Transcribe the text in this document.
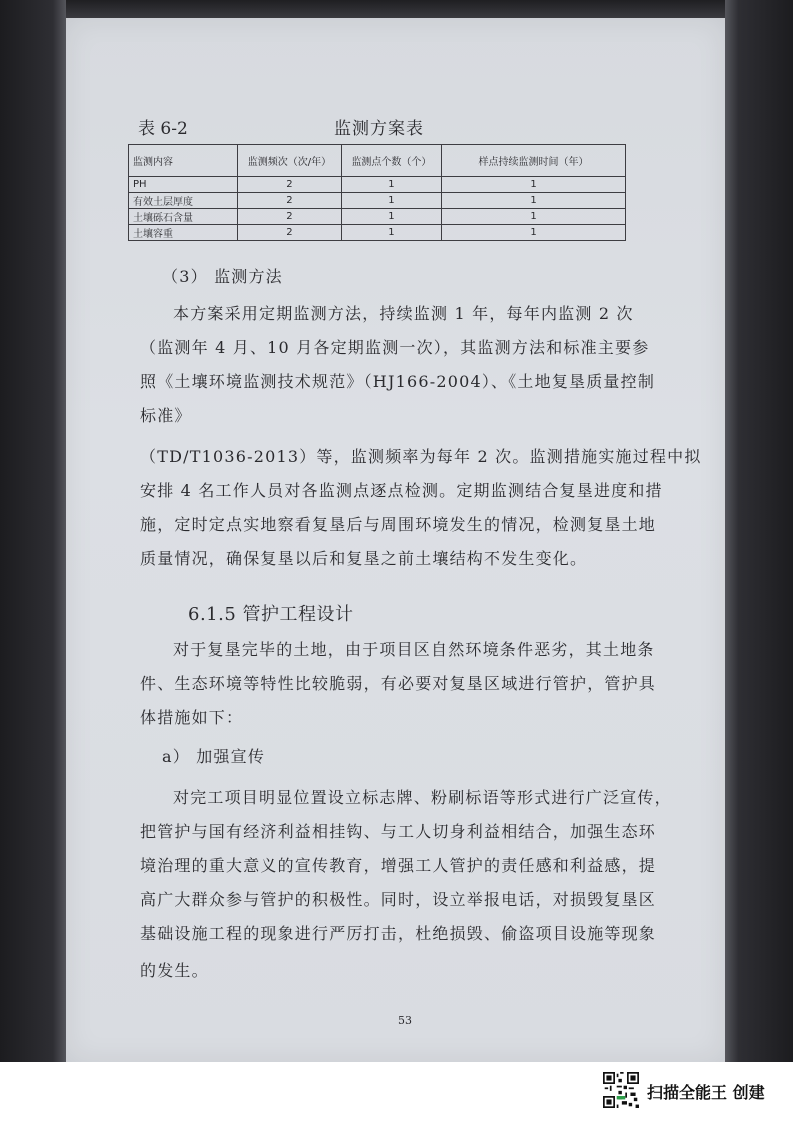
表 6-2	监测方案表
监测内容	监测频次（次/年）	监测点个数（个）	样点持续监测时间（年）
PH	2	1	1
有效土层厚度	2	1	1
土壤砾石含量	2	1	1
土壤容重	2	1	1
（3） 监测方法
本方案采用定期监测方法，持续监测 1 年，每年内监测 2 次
（监测年 4 月、10 月各定期监测一次），其监测方法和标准主要参
照《土壤环境监测技术规范》（HJ166-2004）、《土地复垦质量控制
标准》
（TD/T1036-2013）等，监测频率为每年 2 次。监测措施实施过程中拟
安排 4 名工作人员对各监测点逐点检测。定期监测结合复垦进度和措
施，定时定点实地察看复垦后与周围环境发生的情况，检测复垦土地
质量情况，确保复垦以后和复垦之前土壤结构不发生变化。
6.1.5 管护工程设计
对于复垦完毕的土地，由于项目区自然环境条件恶劣，其土地条
件、生态环境等特性比较脆弱，有必要对复垦区域进行管护，管护具
体措施如下：
a） 加强宣传
对完工项目明显位置设立标志牌、粉刷标语等形式进行广泛宣传，
把管护与国有经济利益相挂钩、与工人切身利益相结合，加强生态环
境治理的重大意义的宣传教育，增强工人管护的责任感和利益感，提
高广大群众参与管护的积极性。同时，设立举报电话，对损毁复垦区
基础设施工程的现象进行严厉打击，杜绝损毁、偷盗项目设施等现象
的发生。
53
扫描全能王 创建
